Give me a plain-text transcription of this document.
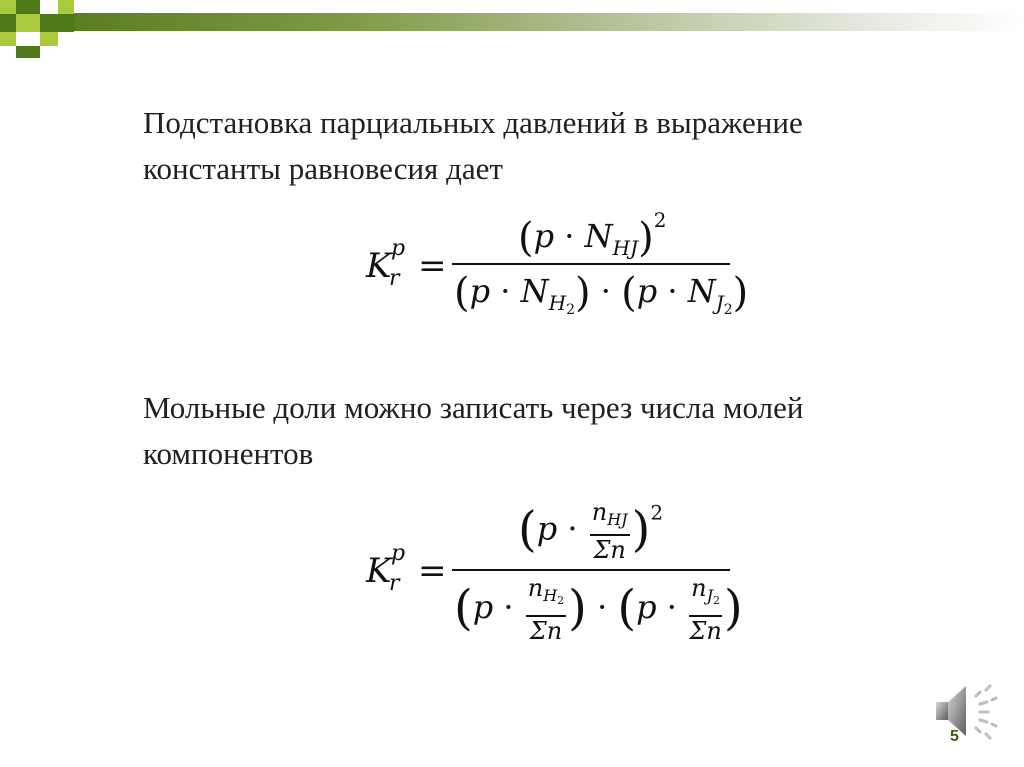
Подстановка парциальных давлений в выражение
константы равновесия дает
K p
r =
$(p \cdot N_{HJ})^2$
$(p \cdot N_{H_2}) \cdot (p \cdot N_{J_2})$
Мольные доли можно записать через числа молей
компонентов
K p
r =
$(p \cdot \frac{n_{HJ}}{\Sigma n} )^2$
($p \cdot \frac{n_{H2}}{\Sigma n}$ ) · ($p \cdot \frac{n_{J2}}{\Sigma n}$ )
5
